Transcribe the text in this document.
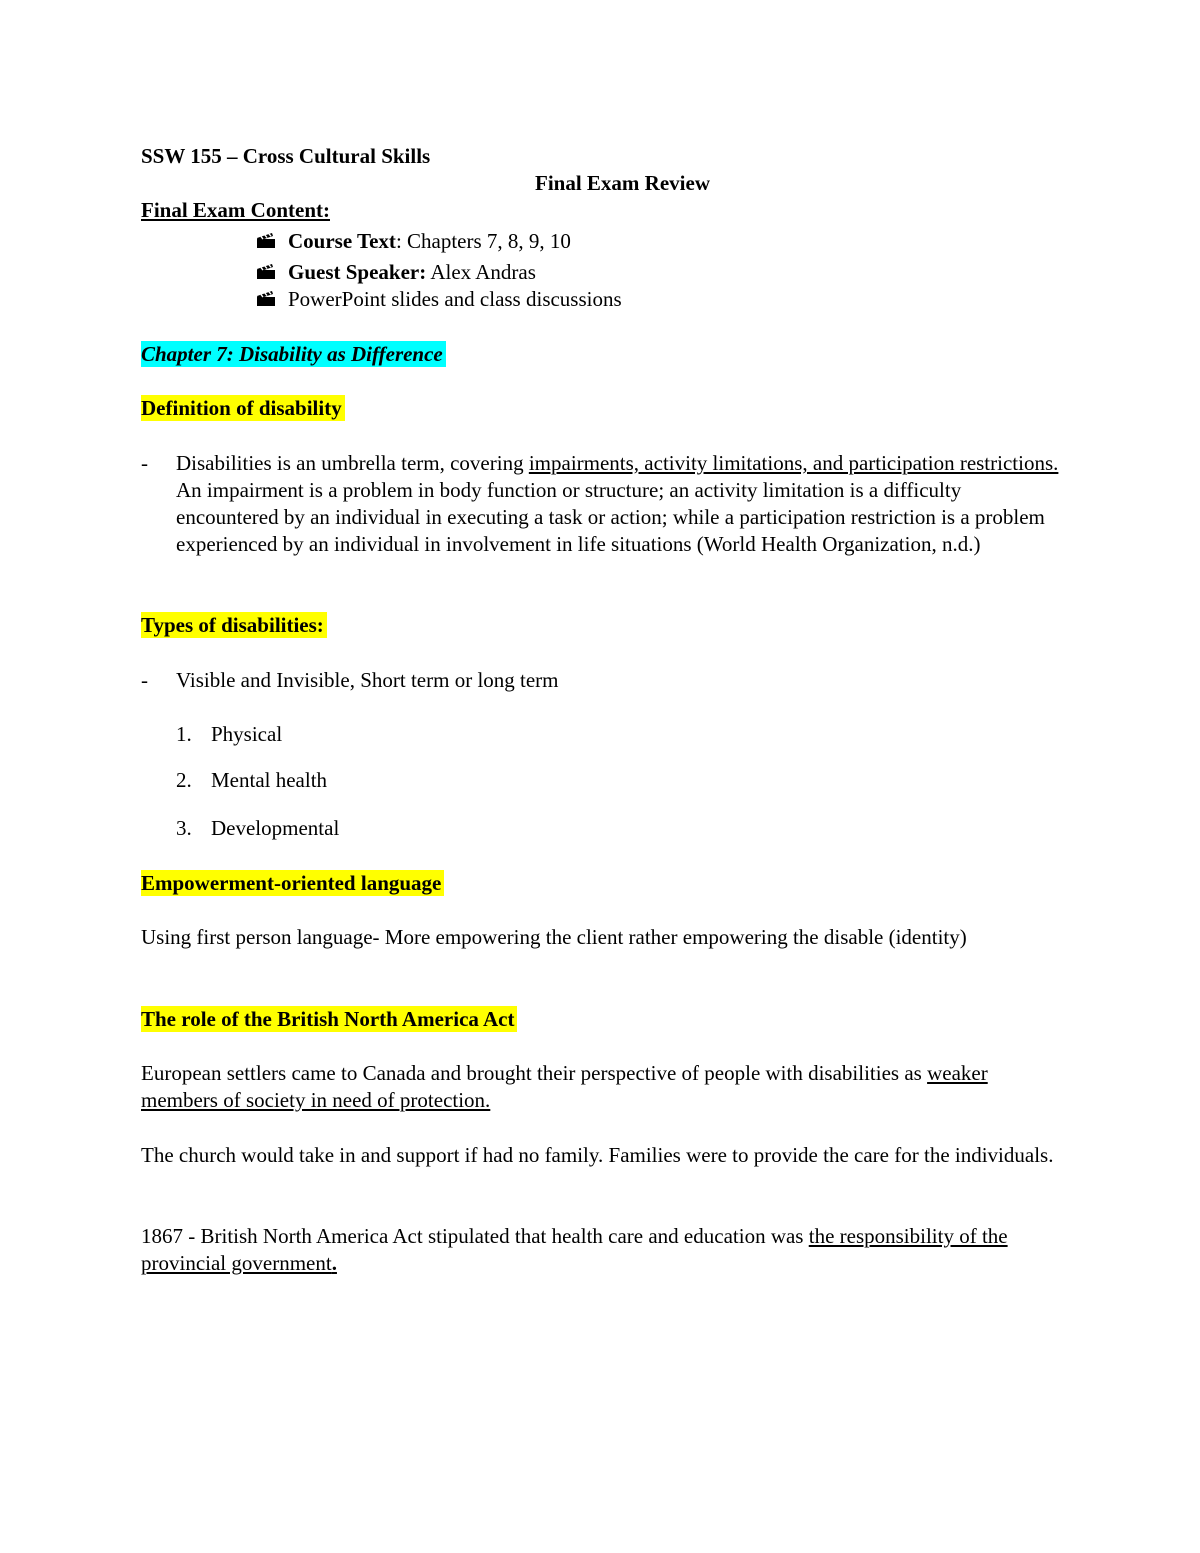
SSW 155 – Cross Cultural Skills
Final Exam Review
Final Exam Content:
Course Text: Chapters 7, 8, 9, 10
Guest Speaker: Alex Andras
PowerPoint slides and class discussions
Chapter 7: Disability as Difference
Definition of disability
- Disabilities is an umbrella term, covering impairments, activity limitations, and participation restrictions. An impairment is a problem in body function or structure; an activity limitation is a difficulty encountered by an individual in executing a task or action; while a participation restriction is a problem experienced by an individual in involvement in life situations (World Health Organization, n.d.)
Types of disabilities:
- Visible and Invisible, Short term or long term
1. Physical
2. Mental health
3. Developmental
Empowerment-oriented language
Using first person language- More empowering the client rather empowering the disable (identity)
The role of the British North America Act
European settlers came to Canada and brought their perspective of people with disabilities as weaker members of society in need of protection.
The church would take in and support if had no family. Families were to provide the care for the individuals.
1867 - British North America Act stipulated that health care and education was the responsibility of the provincial government.
